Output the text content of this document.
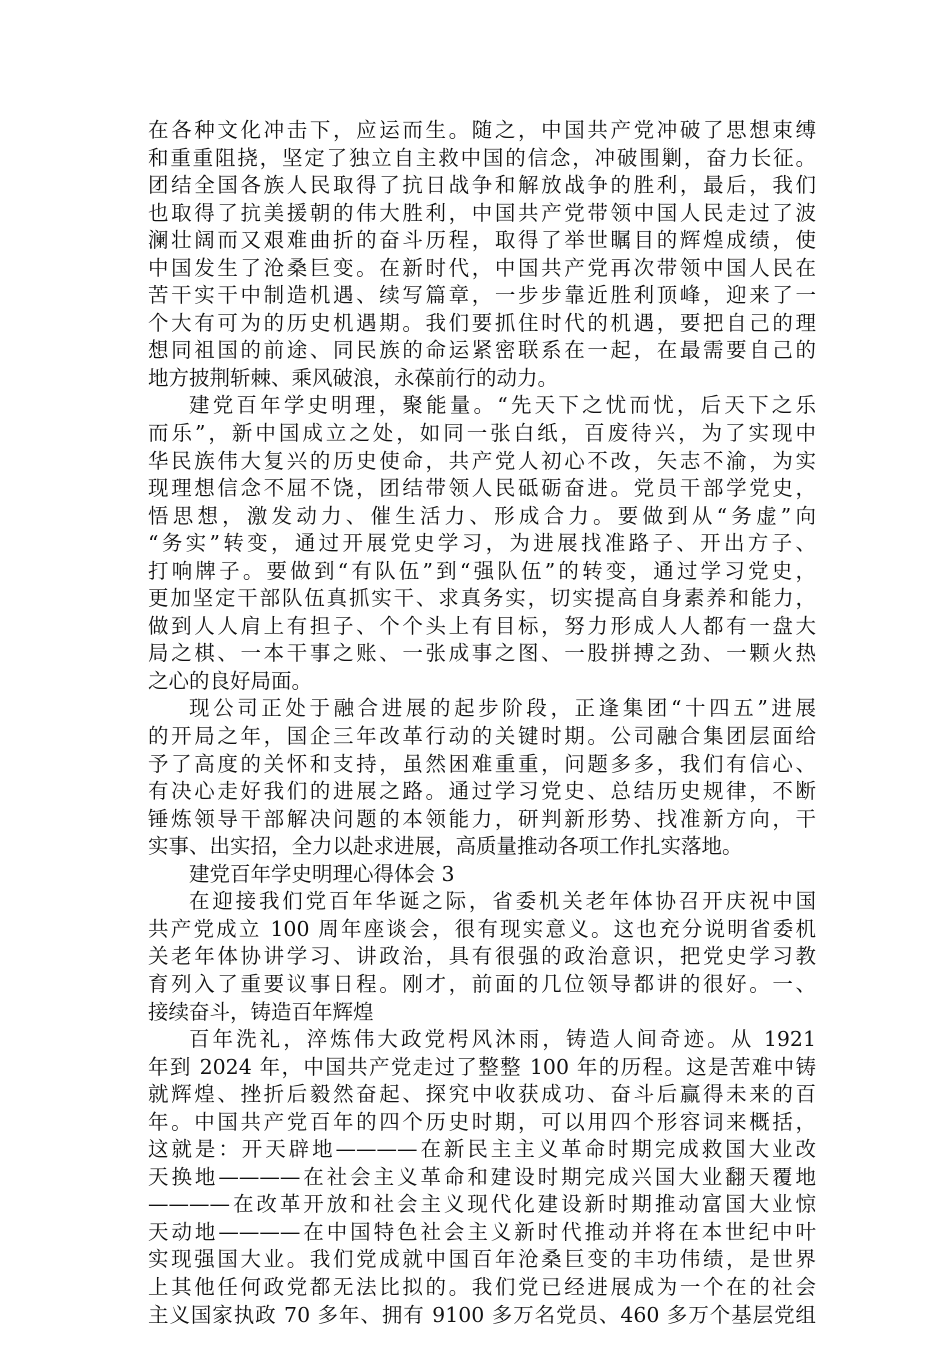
在各种文化冲击下，应运而生。随之，中国共产党冲破了思想束缚
和重重阻挠，坚定了独立自主救中国的信念，冲破围剿，奋力长征。
团结全国各族人民取得了抗日战争和解放战争的胜利，最后，我们
也取得了抗美援朝的伟大胜利，中国共产党带领中国人民走过了波
澜壮阔而又艰难曲折的奋斗历程，取得了举世瞩目的辉煌成绩，使
中国发生了沧桑巨变。在新时代，中国共产党再次带领中国人民在
苦干实干中制造机遇、续写篇章，一步步靠近胜利顶峰，迎来了一
个大有可为的历史机遇期。我们要抓住时代的机遇，要把自己的理
想同祖国的前途、同民族的命运紧密联系在一起，在最需要自己的
地方披荆斩棘、乘风破浪，永葆前行的动力。
建党百年学史明理，聚能量。“先天下之忧而忧，后天下之乐
而乐”，新中国成立之处，如同一张白纸，百废待兴，为了实现中
华民族伟大复兴的历史使命，共产党人初心不改，矢志不渝，为实
现理想信念不屈不饶，团结带领人民砥砺奋进。党员干部学党史，
悟思想，激发动力、催生活力、形成合力。要做到从“务虚”向
“务实”转变，通过开展党史学习，为进展找准路子、开出方子、
打响牌子。要做到“有队伍”到“强队伍”的转变，通过学习党史，
更加坚定干部队伍真抓实干、求真务实，切实提高自身素养和能力，
做到人人肩上有担子、个个头上有目标，努力形成人人都有一盘大
局之棋、一本干事之账、一张成事之图、一股拼搏之劲、一颗火热
之心的良好局面。
现公司正处于融合进展的起步阶段，正逢集团“十四五”进展
的开局之年，国企三年改革行动的关键时期。公司融合集团层面给
予了高度的关怀和支持，虽然困难重重，问题多多，我们有信心、
有决心走好我们的进展之路。通过学习党史、总结历史规律，不断
锤炼领导干部解决问题的本领能力，研判新形势、找准新方向，干
实事、出实招，全力以赴求进展，高质量推动各项工作扎实落地。
建党百年学史明理心得体会 3
在迎接我们党百年华诞之际，省委机关老年体协召开庆祝中国
共产党成立 100 周年座谈会，很有现实意义。这也充分说明省委机
关老年体协讲学习、讲政治，具有很强的政治意识，把党史学习教
育列入了重要议事日程。刚才，前面的几位领导都讲的很好。一、
接续奋斗，铸造百年辉煌
百年洗礼，淬炼伟大政党枵风沐雨，铸造人间奇迹。从 1921
年到 2024 年，中国共产党走过了整整 100 年的历程。这是苦难中铸
就辉煌、挫折后毅然奋起、探究中收获成功、奋斗后赢得未来的百
年。中国共产党百年的四个历史时期，可以用四个形容词来概括，
这就是：开天辟地————在新民主主义革命时期完成救国大业改
天换地————在社会主义革命和建设时期完成兴国大业翻天覆地
————在改革开放和社会主义现代化建设新时期推动富国大业惊
天动地————在中国特色社会主义新时代推动并将在本世纪中叶
实现强国大业。我们党成就中国百年沧桑巨变的丰功伟绩，是世界
上其他任何政党都无法比拟的。我们党已经进展成为一个在的社会
主义国家执政 70 多年、拥有 9100 多万名党员、460 多万个基层党组
